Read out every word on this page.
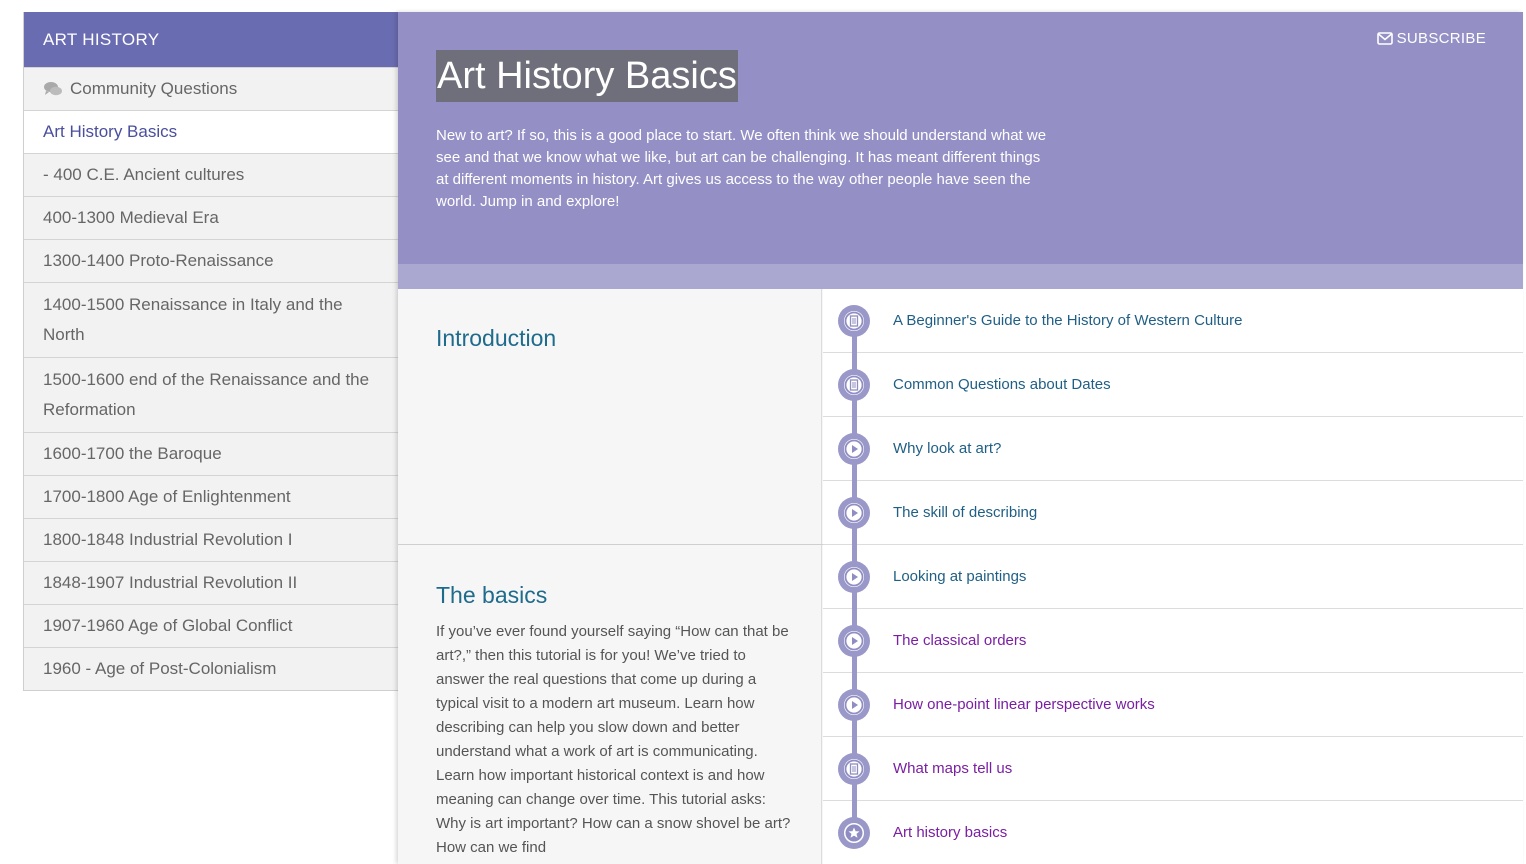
ART HISTORY
Community Questions
Art History Basics
- 400 C.E. Ancient cultures
400-1300 Medieval Era
1300-1400 Proto-Renaissance
1400-1500 Renaissance in Italy and the North
1500-1600 end of the Renaissance and the Reformation
1600-1700 the Baroque
1700-1800 Age of Enlightenment
1800-1848 Industrial Revolution I
1848-1907 Industrial Revolution II
1907-1960 Age of Global Conflict
1960 - Age of Post-Colonialism
Art History Basics

New to art? If so, this is a good place to start. We often think we should understand what we see and that we know what we like, but art can be challenging. It has meant different things at different moments in history. Art gives us access to the way other people have seen the world. Jump in and explore!

SUBSCRIBE
Introduction
The basics

If you’ve ever found yourself saying “How can that be art?,” then this tutorial is for you! We’ve tried to answer the real questions that come up during a typical visit to a modern art museum. Learn how describing can help you slow down and better understand what a work of art is communicating. Learn how important historical context is and how meaning can change over time. This tutorial asks: Why is art important? How can a snow shovel be art? How can we find

A Beginner's Guide to the History of Western Culture
Common Questions about Dates
Why look at art?
The skill of describing
Looking at paintings
The classical orders
How one-point linear perspective works
What maps tell us
Art history basics
